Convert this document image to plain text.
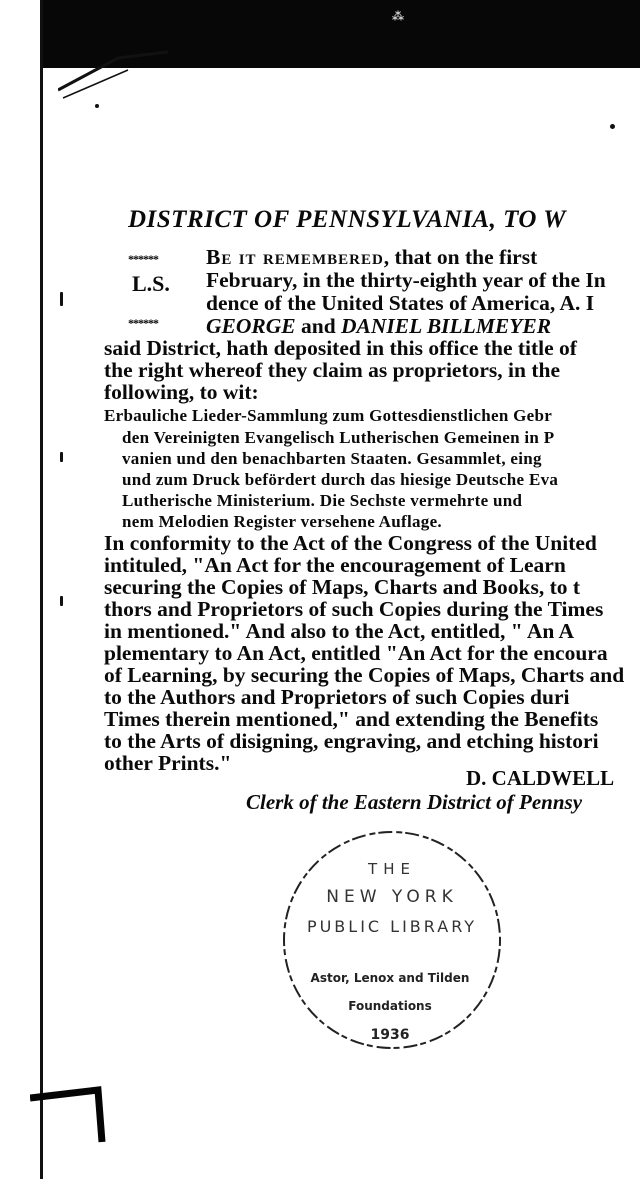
⁂
DISTRICT OF PENNSYLVANIA, TO W
******
L.S.
******
Be it remembered, that on the first
February, in the thirty-eighth year of the In
dence of the United States of America, A. I
GEORGE and DANIEL BILLMEYER
said District, hath deposited in this office the title of
the right whereof they claim as proprietors, in the
following, to wit:
Erbauliche Lieder-Sammlung zum Gottesdienstlichen Gebr
den Vereinigten Evangelisch Lutherischen Gemeinen in P
vanien und den benachbarten Staaten. Gesammlet, eing
und zum Druck befördert durch das hiesige Deutsche Eva
Lutherische Ministerium. Die Sechste vermehrte und
nem Melodien Register versehene Auflage.
In conformity to the Act of the Congress of the United
intituled, "An Act for the encouragement of Learn
securing the Copies of Maps, Charts and Books, to t
thors and Proprietors of such Copies during the Times
in mentioned." And also to the Act, entitled, " An A
plementary to An Act, entitled "An Act for the encoura
of Learning, by securing the Copies of Maps, Charts and
to the Authors and Proprietors of such Copies duri
Times therein mentioned," and extending the Benefits
to the Arts of disigning, engraving, and etching histori
other Prints."
D. CALDWELL
Clerk of the Eastern District of Pennsy
THE
NEW YORK
PUBLIC LIBRARY
Astor, Lenox and Tilden
Foundations
1936
